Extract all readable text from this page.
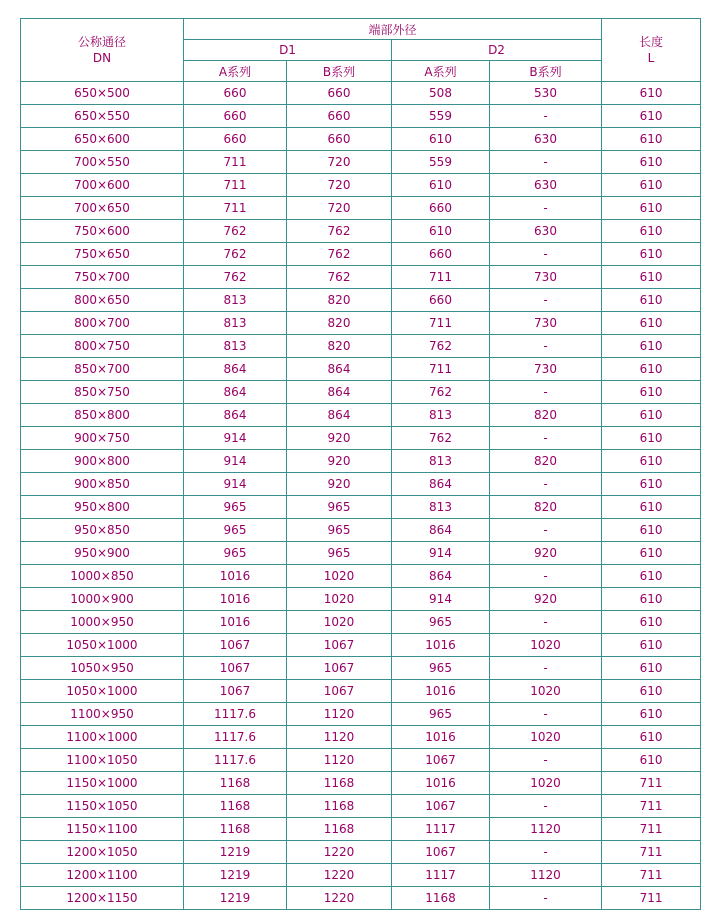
公称通径
DN	端部外径				长度
L

	D1		D2		
	A系列	B系列	A系列	B系列	
650×500	660	660	508	530	610
650×550	660	660	559	-	610
650×600	660	660	610	630	610
700×550	711	720	559	-	610
700×600	711	720	610	630	610
700×650	711	720	660	-	610
750×600	762	762	610	630	610
750×650	762	762	660	-	610
750×700	762	762	711	730	610
800×650	813	820	660	-	610
800×700	813	820	711	730	610
800×750	813	820	762	-	610
850×700	864	864	711	730	610
850×750	864	864	762	-	610
850×800	864	864	813	820	610
900×750	914	920	762	-	610
900×800	914	920	813	820	610
900×850	914	920	864	-	610
950×800	965	965	813	820	610
950×850	965	965	864	-	610
950×900	965	965	914	920	610
1000×850	1016	1020	864	-	610
1000×900	1016	1020	914	920	610
1000×950	1016	1020	965	-	610
1050×1000	1067	1067	1016	1020	610
1050×950	1067	1067	965	-	610
1050×1000	1067	1067	1016	1020	610
1100×950	1117.6	1120	965	-	610
1100×1000	1117.6	1120	1016	1020	610
1100×1050	1117.6	1120	1067	-	610
1150×1000	1168	1168	1016	1020	711
1150×1050	1168	1168	1067	-	711
1150×1100	1168	1168	1117	1120	711
1200×1050	1219	1220	1067	-	711
1200×1100	1219	1220	1117	1120	711
1200×1150	1219	1220	1168	-	711
